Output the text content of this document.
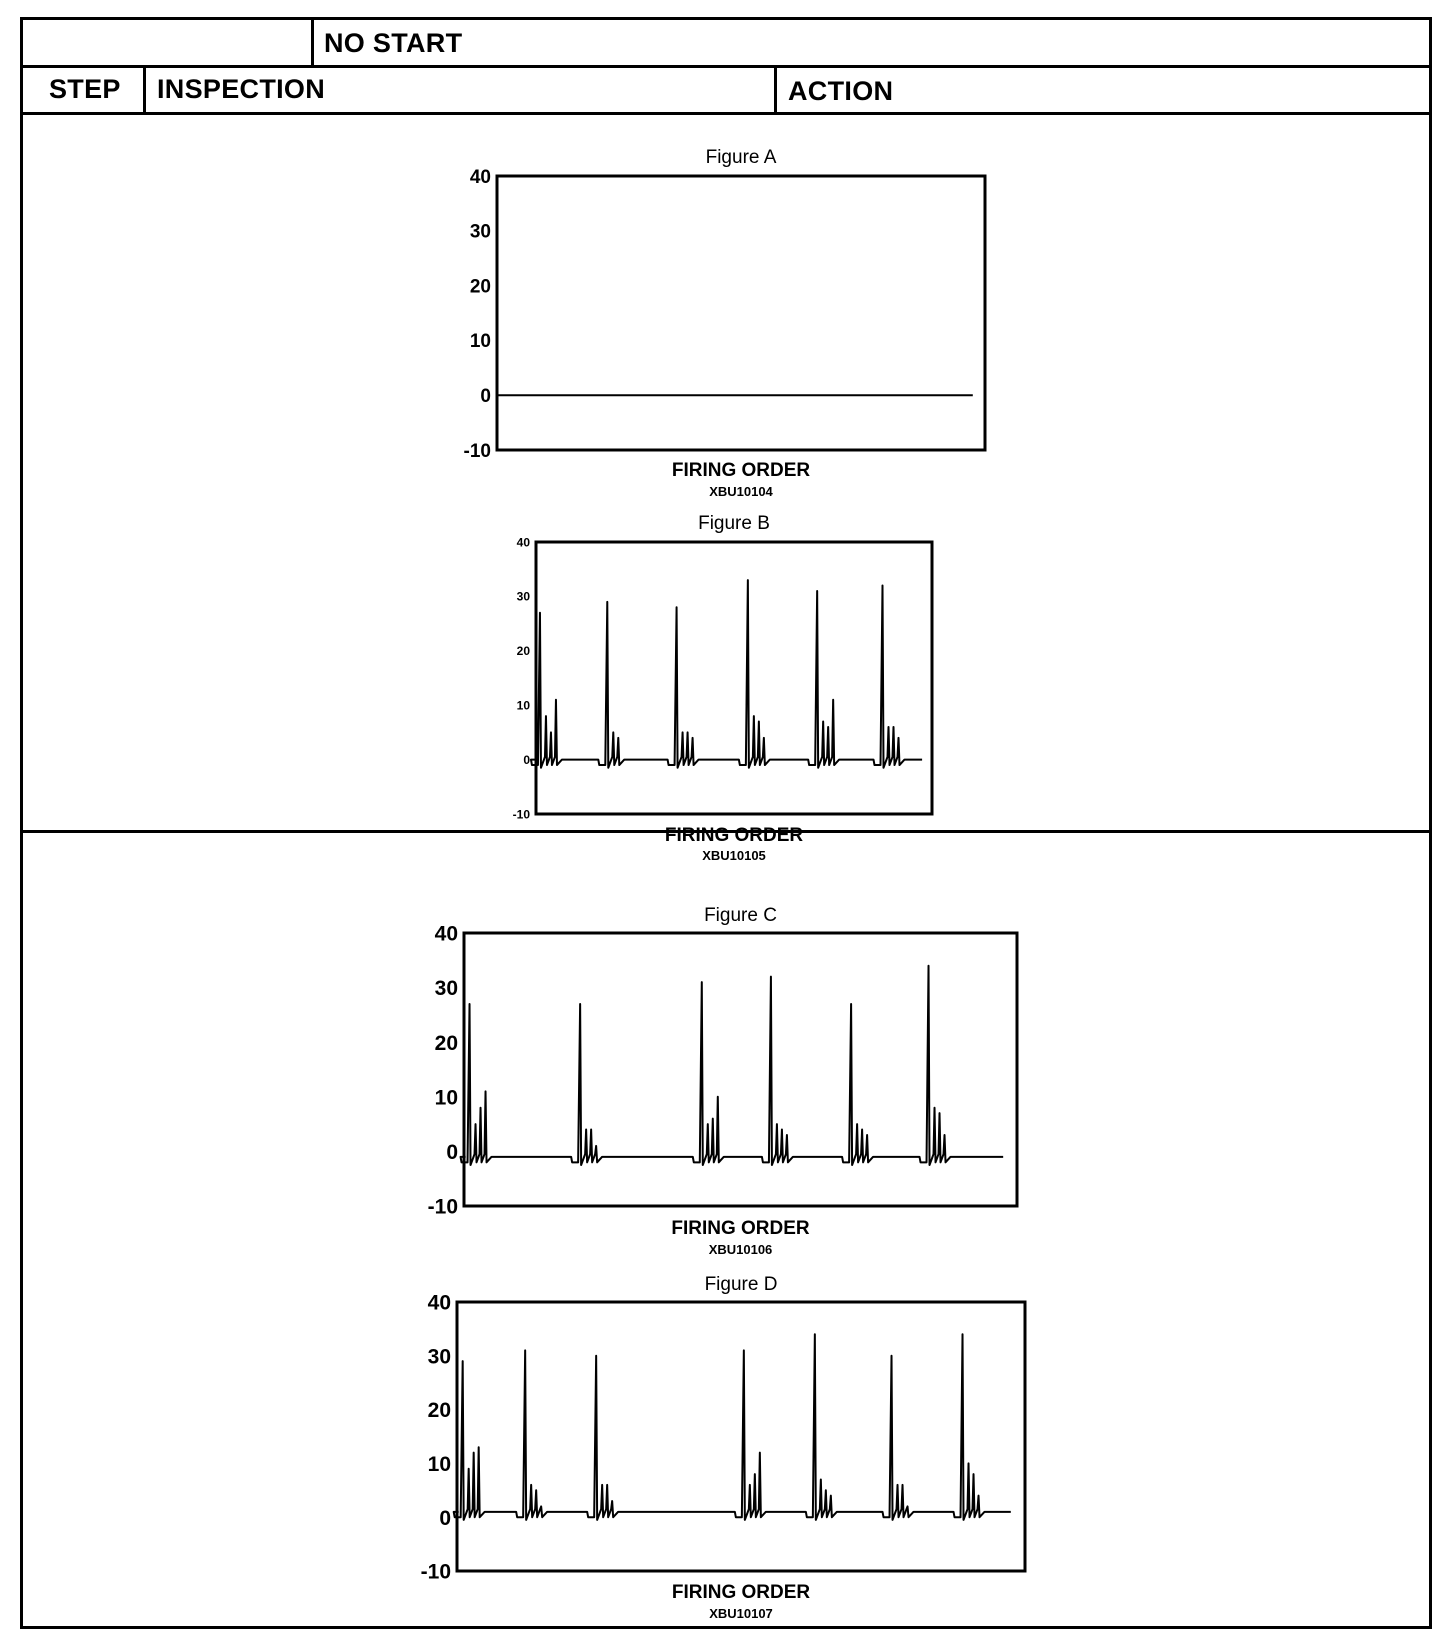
NO START
STEP INSPECTION	ACTION
Figure A
FIRING ORDER
XBU10104
40
30
20
10
0
-10
Figure B
FIRING ORDER
XBU10105
40
30
20
10
0
-10
Figure C
FIRING ORDER
XBU10106
40
30
20
10
0
-10
Figure D
FIRING ORDER
XBU10107
40
30
20
10
0
-10
